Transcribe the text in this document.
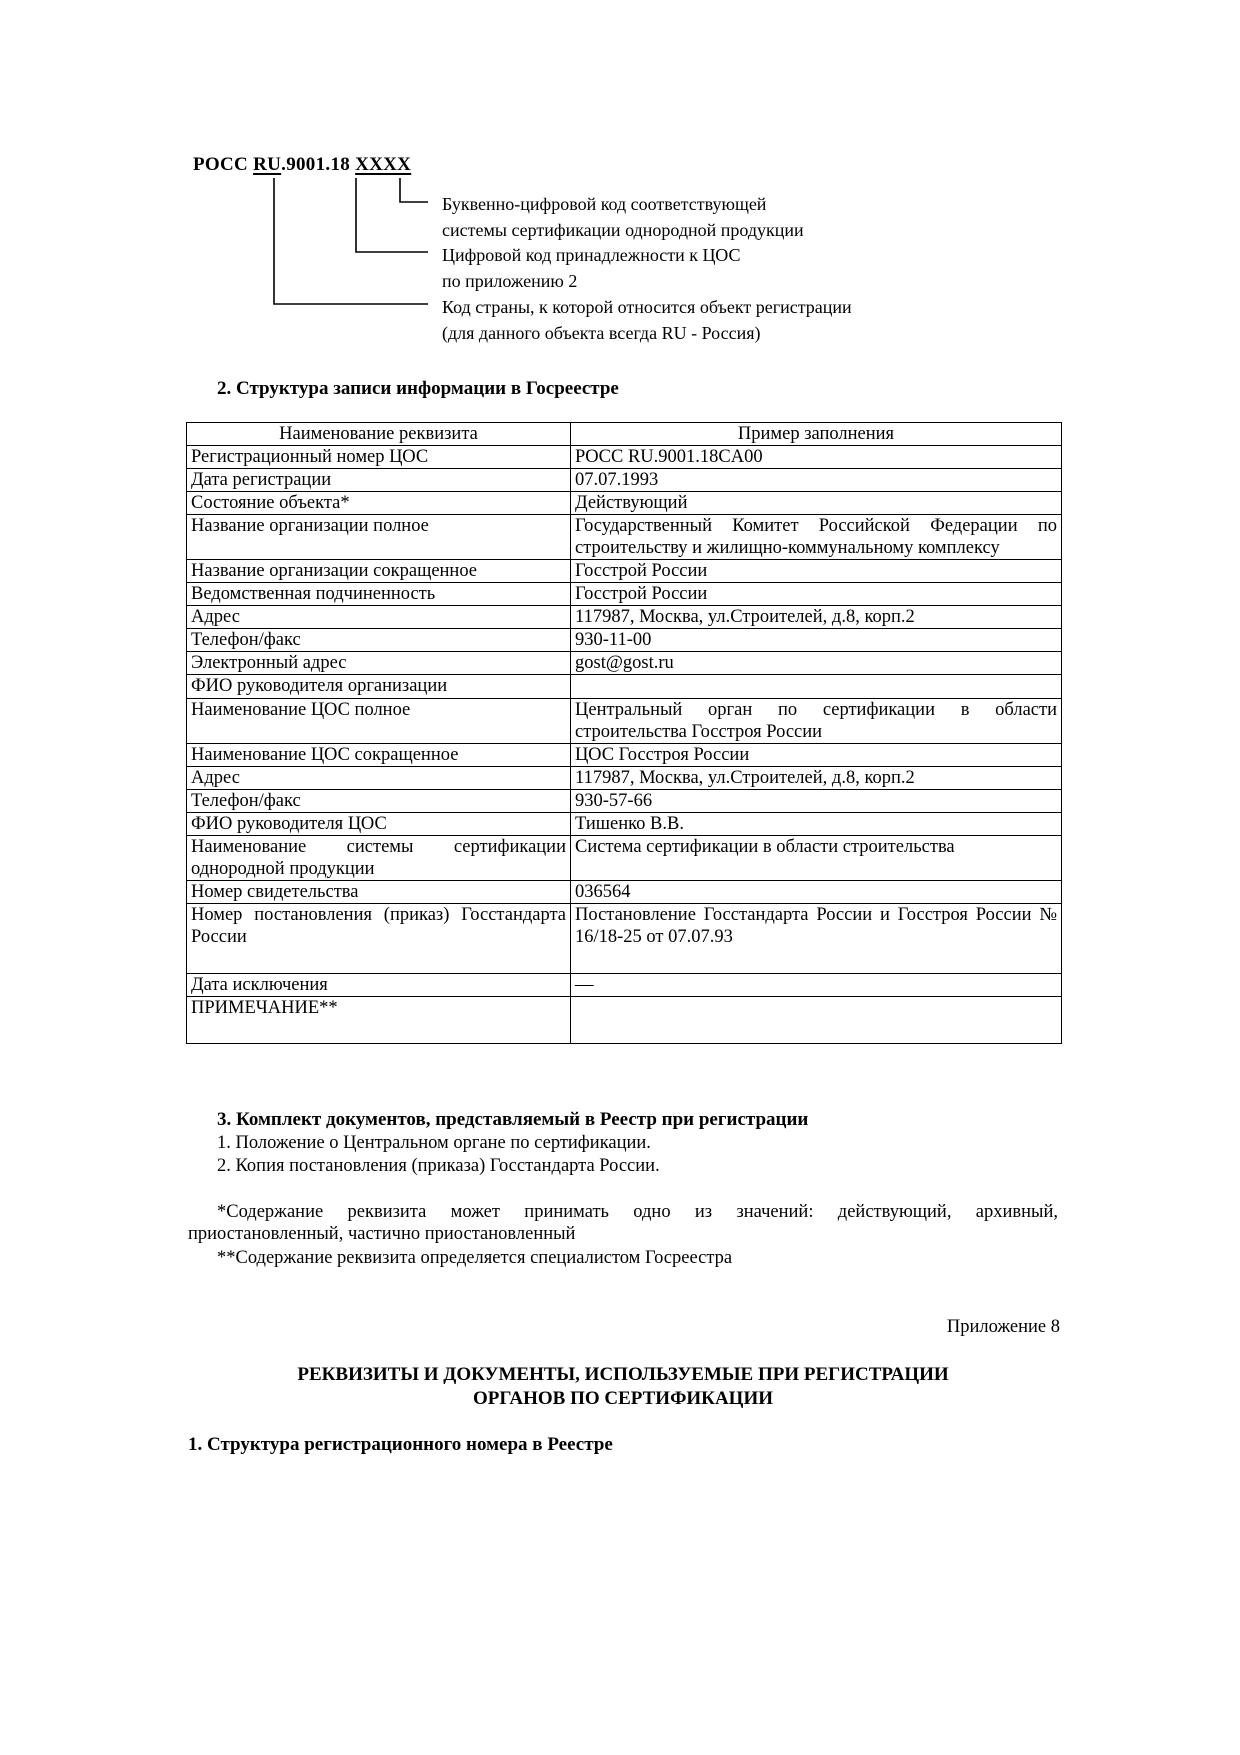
POCC RU.9001.18 XXXX
Буквенно-цифровой код соответствующей
системы сертификации однородной продукции
Цифровой код принадлежности к ЦОС
по приложению 2
Код страны, к которой относится объект регистрации
(для данного объекта всегда RU - Россия)
2. Структура записи информации в Госреестре
Наименование реквизита	Пример заполнения
Регистрационный номер ЦОС	POCC RU.9001.18CA00
Дата регистрации	07.07.1993
Состояние объекта*	Действующий
Название организации полное	Государственный Комитет Российской Федерации по строительству и жилищно-коммунальному комплексу
Название организации сокращенное	Госстрой России
Ведомственная подчиненность	Госстрой России
Адрес	117987, Москва, ул.Строителей, д.8, корп.2
Телефон/факс	930-11-00
Электронный адрес	gost@gost.ru
ФИО руководителя организации	
Наименование ЦОС полное	Центральный орган по сертификации в области строительства Госстроя России
Наименование ЦОС сокращенное	ЦОС Госстроя России
Адрес	117987, Москва, ул.Строителей, д.8, корп.2
Телефон/факс	930-57-66
ФИО руководителя ЦОС	Тишенко В.В.
Наименование системы сертификации однородной продукции	Система сертификации в области строительства
Номер свидетельства	036564
Номер постановления (приказ) Госстандарта России	Постановление Госстандарта России и Госстроя России № 16/18-25 от 07.07.93
Дата исключения	—
ПРИМЕЧАНИЕ**	
3. Комплект документов, представляемый в Реестр при регистрации
1. Положение о Центральном органе по сертификации.
2. Копия постановления (приказа) Госстандарта России.
*Содержание реквизита может принимать одно из значений: действующий, архивный, приостановленный, частично приостановленный
**Содержание реквизита определяется специалистом Госреестра
Приложение 8
РЕКВИЗИТЫ И ДОКУМЕНТЫ, ИСПОЛЬЗУЕМЫЕ ПРИ РЕГИСТРАЦИИ
ОРГАНОВ ПО СЕРТИФИКАЦИИ
1. Структура регистрационного номера в Реестре
